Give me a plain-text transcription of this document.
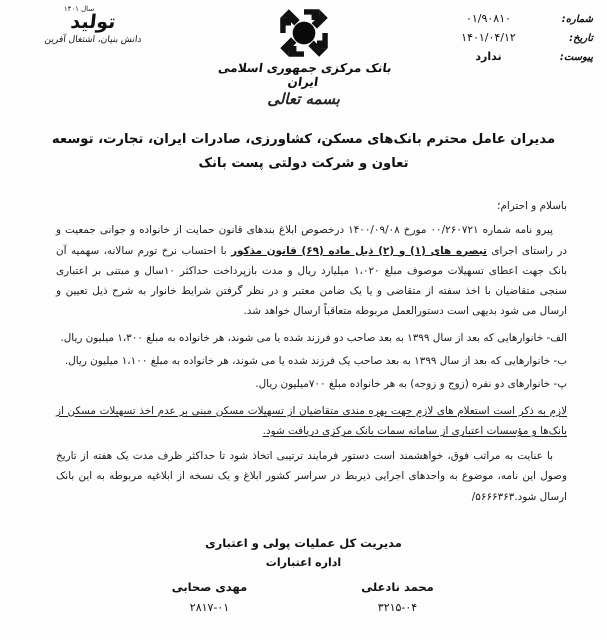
سال ۱۴۰۱
تولید
دانش بنیان، اشتغال آفرین
بانک مرکزی جمهوری اسلامی ایران
بسمه تعالی
شماره:
۰۱/۹۰۸۱۰
تاریخ:
۱۴۰۱/۰۴/۱۲
پیوست:
ندارد
مدیران عامل محترم بانک‌های مسکن، کشاورزی، صادرات ایران، تجارت، توسعه تعاون و شرکت دولتی پست بانک
باسلام و احترام؛

پیرو نامه شماره ۰۰/۲۶۰۷۲۱ مورخ ۱۴۰۰/۰۹/۰۸ درخصوص ابلاغ بندهای قانون حمایت از خانواده و جوانی جمعیت و در راستای اجرای تبصره های (۱) و (۲) ذیل ماده (۶۹) قانون مذکور با احتساب نرخ تورم سالانه، سهمیه آن بانک جهت اعطای تسهیلات موصوف مبلغ ۱،۰۲۰ میلیارد ریال و مدت بازپرداخت حداکثر ۱۰سال و مبتنی بر اعتباری سنجی متقاضیان با اخذ سفته از متقاضی و یا یک ضامن معتبر و در نظر گرفتن شرایط خانوار به شرح ذیل تعیین و ارسال می شود بدیهی است دستورالعمل مربوطه متعاقباً ارسال خواهد شد.

الف- خانوارهایی که بعد از سال ۱۳۹۹ به بعد صاحب دو فرزند شده یا می شوند، هر خانواده به مبلغ ۱،۳۰۰ میلیون ریال.
ب- خانوارهایی که بعد از سال ۱۳۹۹ به بعد صاحب یک فرزند شده یا می شوند، هر خانواده به مبلغ ۱،۱۰۰ میلیون ریال.
پ- خانوارهای دو نفره (زوج و زوجه) به هر خانواده مبلغ ۷۰۰میلیون ریال.

لازم به ذکر است استعلام های لازم جهت بهره مندی متقاضیان از تسهیلات مسکن مبنی بر عدم اخذ تسهیلات مسکن از بانک‌ها و مؤسسات اعتباری از سامانه سمات بانک مرکزی دریافت شود.

با عنایت به مراتب فوق، خواهشمند است دستور فرمایند ترتیبی اتخاذ شود تا حداکثر ظرف مدت یک هفته از تاریخ وصول این نامه، موضوع به واحدهای اجرایی ذیربط در سراسر کشور ابلاغ و یک نسخه از ابلاغیه مربوطه به این بانک ارسال شود.۵۶۶۶۳۶۳/

مدیریت کل عملیات پولی و اعتباری
اداره اعتبارات
محمد نادعلی
۳۲۱۵-۰۴
مهدی صحابی
۲۸۱۷-۰۱
